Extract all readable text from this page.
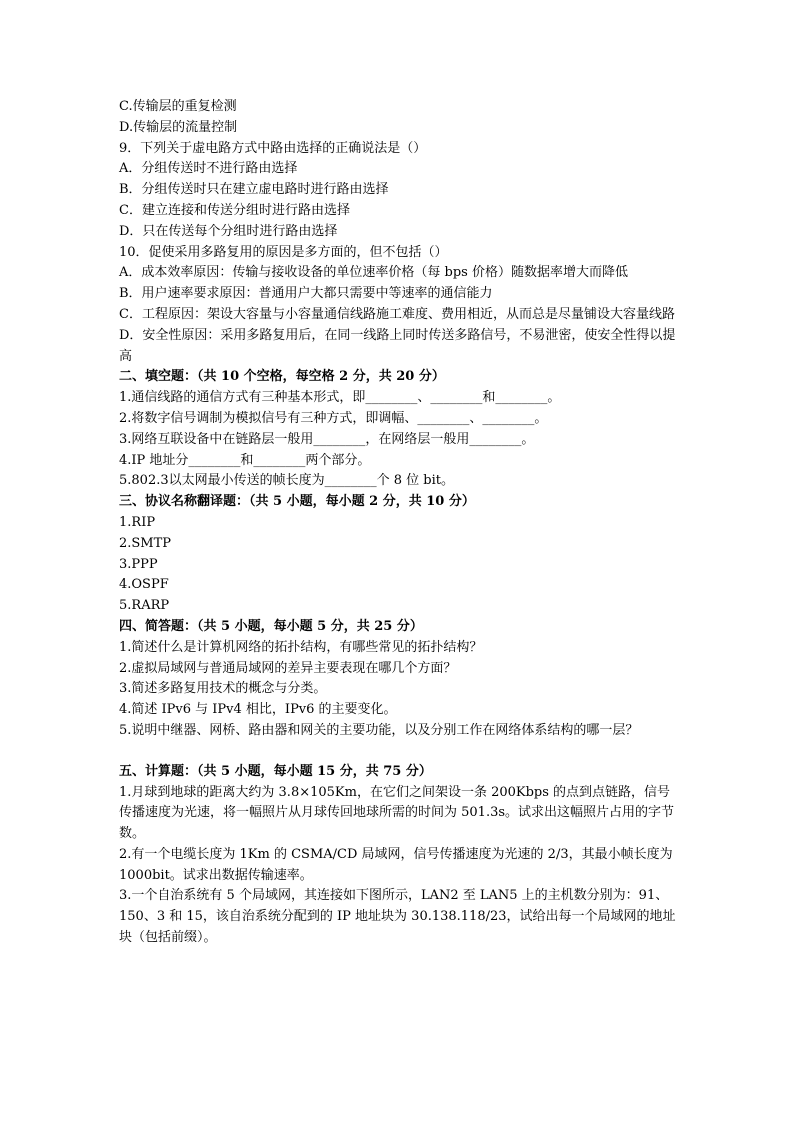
C.传输层的重复检测

D.传输层的流量控制

9．下列关于虚电路方式中路由选择的正确说法是（）

A．分组传送时不进行路由选择

B．分组传送时只在建立虚电路时进行路由选择

C．建立连接和传送分组时进行路由选择

D．只在传送每个分组时进行路由选择

10．促使采用多路复用的原因是多方面的，但不包括（）

A．成本效率原因：传输与接收设备的单位速率价格（每 bps 价格）随数据率增大而降低

B．用户速率要求原因：普通用户大都只需要中等速率的通信能力

C．工程原因：架设大容量与小容量通信线路施工难度、费用相近，从而总是尽量铺设大容量线路

D．安全性原因：采用多路复用后，在同一线路上同时传送多路信号，不易泄密，使安全性得以提

高

二、填空题：（共 10 个空格，每空格 2 分，共 20 分）

1.通信线路的通信方式有三种基本形式，即________、________和________。

2.将数字信号调制为模拟信号有三种方式，即调幅、________、________。

3.网络互联设备中在链路层一般用________，在网络层一般用________。

4.IP 地址分________和________两个部分。

5.802.3以太网最小传送的帧长度为________个 8 位 bit。

三、协议名称翻译题：（共 5 小题，每小题 2 分，共 10 分）

1.RIP

2.SMTP

3.PPP

4.OSPF

5.RARP

四、简答题：（共 5 小题，每小题 5 分，共 25 分）

1.简述什么是计算机网络的拓扑结构，有哪些常见的拓扑结构？

2.虚拟局域网与普通局域网的差异主要表现在哪几个方面？

3.简述多路复用技术的概念与分类。

4.简述 IPv6 与 IPv4 相比，IPv6 的主要变化。

5.说明中继器、网桥、路由器和网关的主要功能，以及分别工作在网络体系结构的哪一层？

五、计算题：（共 5 小题，每小题 15 分，共 75 分）

1.月球到地球的距离大约为 3.8×105Km，在它们之间架设一条 200Kbps 的点到点链路，信号传播速度为光速，将一幅照片从月球传回地球所需的时间为 501.3s。试求出这幅照片占用的字节数。

2.有一个电缆长度为 1Km 的 CSMA/CD 局域网，信号传播速度为光速的 2/3，其最小帧长度为 1000bit。试求出数据传输速率。

3.一个自治系统有 5 个局域网，其连接如下图所示，LAN2 至 LAN5 上的主机数分别为：91、150、3 和 15，该自治系统分配到的 IP 地址块为 30.138.118/23，试给出每一个局域网的地址块（包括前缀）。
